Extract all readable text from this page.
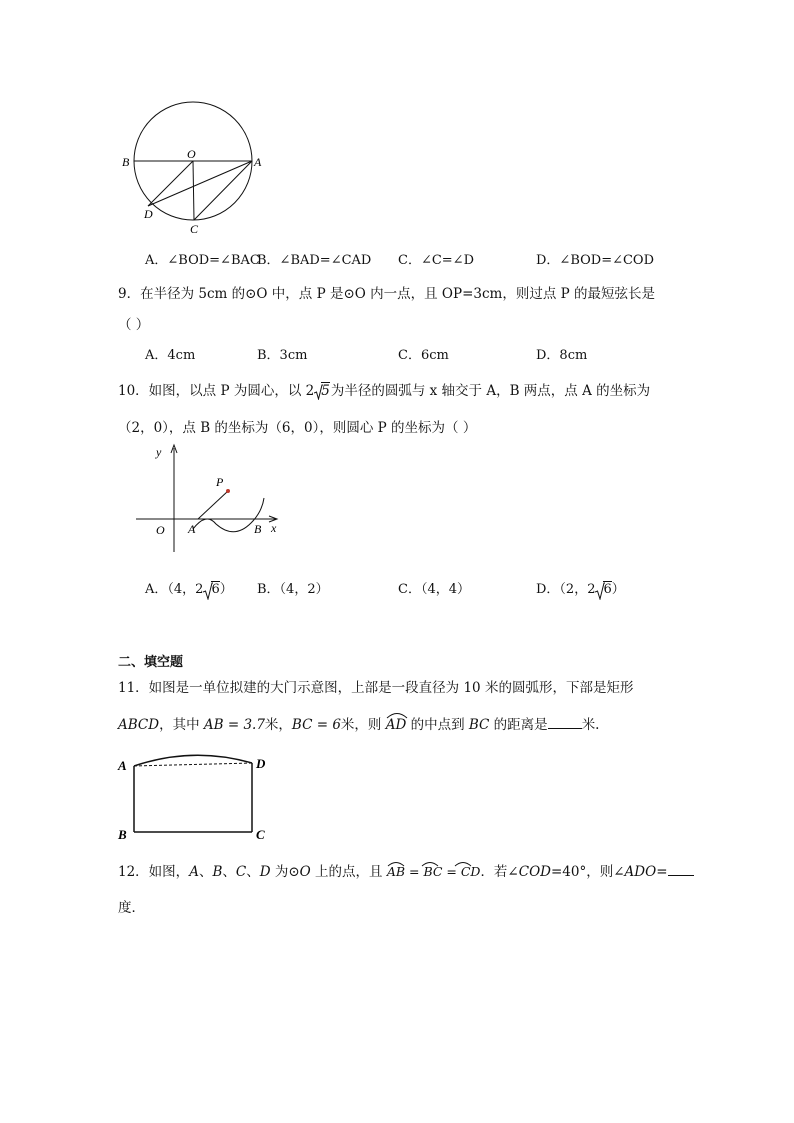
B
O
A
D
C
A．∠BOD=∠BAC
B．∠BAD=∠CAD C．∠C=∠D	D．∠BOD=∠COD
9．在半径为 5cm 的⊙O 中，点 P 是⊙O 内一点，且 OP=3cm，则过点 P 的最短弦长是
（ ）
A．4cm	B．3cm	C．6cm	D．8cm
10．如图，以点 P 为圆心，以 2 5为半径的圆弧与 x 轴交于 A，B 两点，点 A 的坐标为
（2，0），点 B 的坐标为（6，0），则圆心 P 的坐标为（ ）
y
P
O A	B x
A．（4，2 6） B．（4，2）	C．（4，4）	D．（2，2 6）
二、填空题
11．如图是一单位拟建的大门示意图，上部是一段直径为 10 米的圆弧形，下部是矩形
ABCD，其中 AB = 3.7米，BC = 6米，则
AD 的中点到 BC 的距离是	米.
A	D
B	C
12．如图，A、B、C、D 为⊙O 上的点，且
AB = BC = CD．若∠COD=40°，则∠ADO=
度．
